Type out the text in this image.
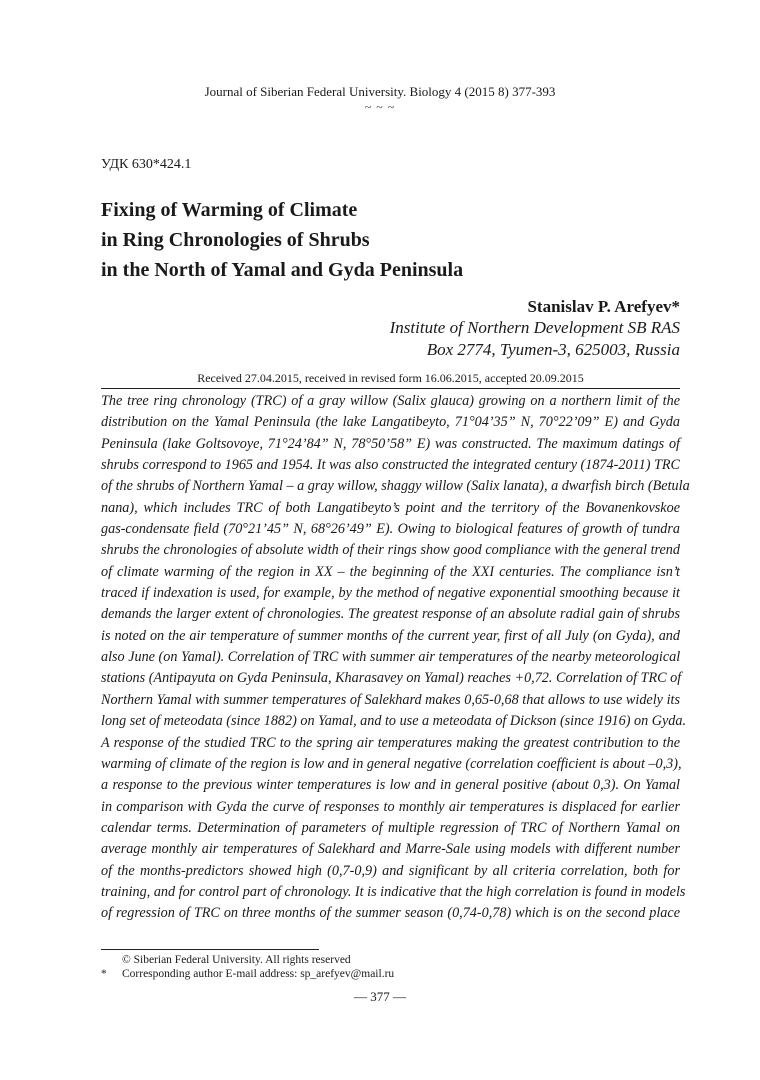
Journal of Siberian Federal University. Biology 4 (2015 8) 377-393
~ ~ ~
УДК 630*424.1
Fixing of Warming of Climate
in Ring Chronologies of Shrubs
in the North of Yamal and Gyda Peninsula
Stanislav P. Arefyev*
Institute of Northern Development SB RAS
Box 2774, Tyumen-3, 625003, Russia
Received 27.04.2015, received in revised form 16.06.2015, accepted 20.09.2015
The tree ring chronology (TRC) of a gray willow (Salix glauca) growing on a northern limit of the
distribution on the Yamal Peninsula (the lake Langatibeyto, 71°04’35” N, 70°22’09” E) and Gyda
Peninsula (lake Goltsovoye, 71°24’84” N, 78°50’58” E) was constructed. The maximum datings of
shrubs correspond to 1965 and 1954. It was also constructed the integrated century (1874-2011) TRC
of the shrubs of Northern Yamal – a gray willow, shaggy willow (Salix lanata), a dwarfish birch (Betula
nana), which includes TRC of both Langatibeyto’s point and the territory of the Bovanenkovskoe
gas-condensate field (70°21’45” N, 68°26’49” E). Owing to biological features of growth of tundra
shrubs the chronologies of absolute width of their rings show good compliance with the general trend
of climate warming of the region in XX – the beginning of the XXI centuries. The compliance isn’t
traced if indexation is used, for example, by the method of negative exponential smoothing because it
demands the larger extent of chronologies. The greatest response of an absolute radial gain of shrubs
is noted on the air temperature of summer months of the current year, first of all July (on Gyda), and
also June (on Yamal). Correlation of TRC with summer air temperatures of the nearby meteorological
stations (Antipayuta on Gyda Peninsula, Kharasavey on Yamal) reaches +0,72. Correlation of TRC of
Northern Yamal with summer temperatures of Salekhard makes 0,65-0,68 that allows to use widely its
long set of meteodata (since 1882) on Yamal, and to use a meteodata of Dickson (since 1916) on Gyda.
A response of the studied TRC to the spring air temperatures making the greatest contribution to the
warming of climate of the region is low and in general negative (correlation coefficient is about –0,3),
a response to the previous winter temperatures is low and in general positive (about 0,3). On Yamal
in comparison with Gyda the curve of responses to monthly air temperatures is displaced for earlier
calendar terms. Determination of parameters of multiple regression of TRC of Northern Yamal on
average monthly air temperatures of Salekhard and Marre-Sale using models with different number
of the months-predictors showed high (0,7-0,9) and significant by all criteria correlation, both for
training, and for control part of chronology. It is indicative that the high correlation is found in models
of regression of TRC on three months of the summer season (0,74-0,78) which is on the second place
© Siberian Federal University. All rights reserved
* Corresponding author E-mail address: sp_arefyev@mail.ru
— 377 —
